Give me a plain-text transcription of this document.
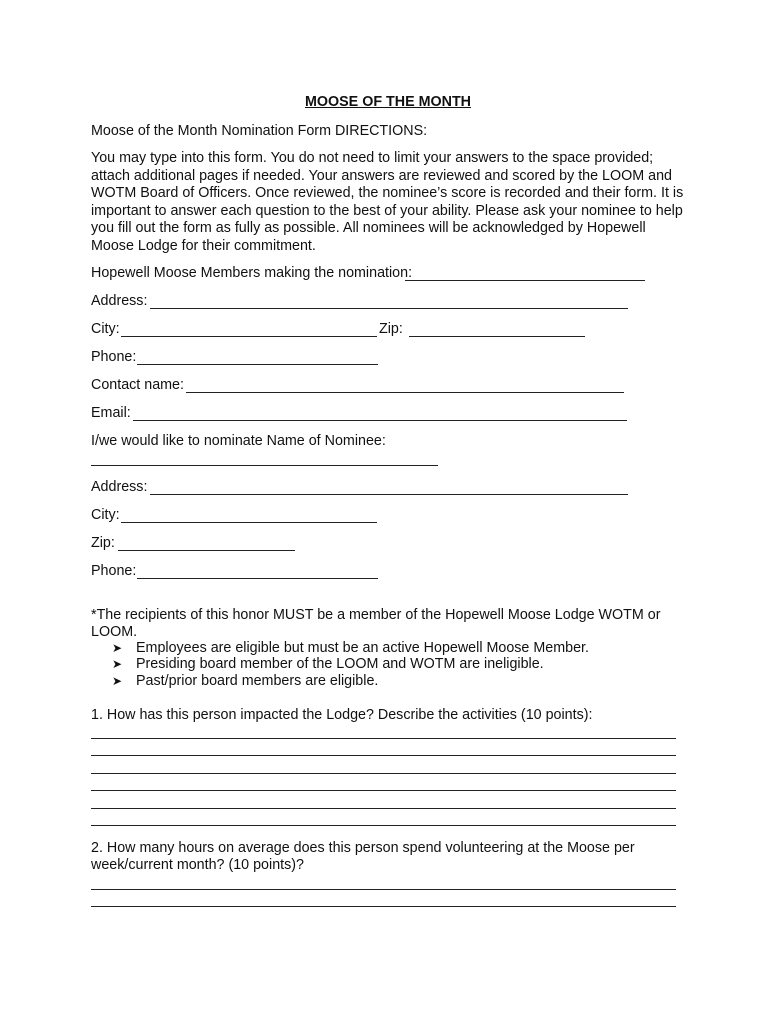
MOOSE OF THE MONTH
Moose of the Month Nomination Form DIRECTIONS:
You may type into this form. You do not need to limit your answers to the space provided; attach additional pages if needed. Your answers are reviewed and scored by the LOOM and WOTM Board of Officers. Once reviewed, the nominee’s score is recorded and their form. It is important to answer each question to the best of your ability. Please ask your nominee to help you fill out the form as fully as possible. All nominees will be acknowledged by Hopewell Moose Lodge for their commitment.
Hopewell Moose Members making the nomination:
Address:
City:	Zip:
Phone:
Contact name:
Email:
I/we would like to nominate Name of Nominee:
Address:
City:
Zip:
Phone:
*The recipients of this honor MUST be a member of the Hopewell Moose Lodge WOTM or LOOM.
➤ Employees are eligible but must be an active Hopewell Moose Member.
➤ Presiding board member of the LOOM and WOTM are ineligible.
➤ Past/prior board members are eligible.
1. How has this person impacted the Lodge? Describe the activities (10 points):
2. How many hours on average does this person spend volunteering at the Moose per week/current month? (10 points)?
